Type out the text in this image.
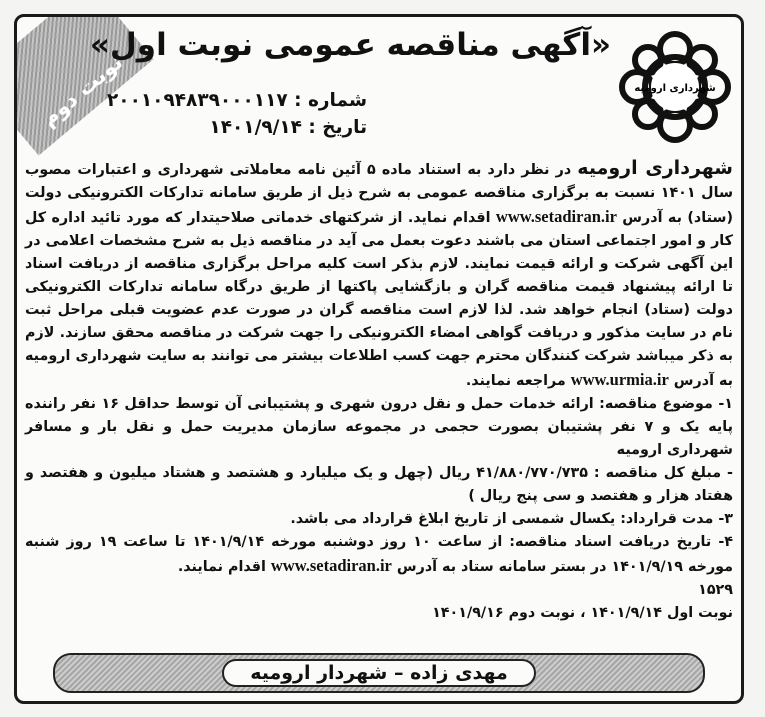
نوبت دوم
«آگهی مناقصه عمومی نوبت اول»
شهرداری ارومیه
شماره : ۲۰۰۱۰۹۴۸۳۹۰۰۰۱۱۷
تاریخ : ۱۴۰۱/۹/۱۴

شهرداری ارومیه در نظر دارد به استناد ماده ۵ آئین نامه معاملاتی شهرداری و اعتبارات مصوب سال ۱۴۰۱ نسبت به برگزاری مناقصه عمومی به شرح ذیل از طریق سامانه تدارکات الکترونیکی دولت (ستاد) به آدرس www.setadiran.ir اقدام نماید. از شرکتهای خدماتی صلاحیتدار که مورد تائید اداره کل کار و امور اجتماعی استان می باشند دعوت بعمل می آید در مناقصه ذیل به شرح مشخصات اعلامی در این آگهی شرکت و ارائه قیمت نمایند. لازم بذکر است کلیه مراحل برگزاری مناقصه از دریافت اسناد تا ارائه پیشنهاد قیمت مناقصه گران و بازگشایی پاکتها از طریق درگاه سامانه تدارکات الکترونیکی دولت (ستاد) انجام خواهد شد. لذا لازم است مناقصه گران در صورت عدم عضویت قبلی مراحل ثبت نام در سایت مذکور و دریافت گواهی امضاء الکترونیکی را جهت شرکت در مناقصه محقق سازند. لازم به ذکر میباشد شرکت کنندگان محترم جهت کسب اطلاعات بیشتر می توانند به سایت شهرداری ارومیه به آدرس www.urmia.ir مراجعه نمایند.

۱- موضوع مناقصه: ارائه خدمات حمل و نقل درون شهری و پشتیبانی آن توسط حداقل ۱۶ نفر راننده پایه یک و ۷ نفر پشتیبان بصورت حجمی در مجموعه سازمان مدیریت حمل و نقل بار و مسافر شهرداری ارومیه

- مبلغ کل مناقصه : ۴۱/۸۸۰/۷۷۰/۷۳۵ ریال (چهل و یک میلیارد و هشتصد و هشتاد میلیون و هفتصد و هفتاد هزار و هفتصد و سی پنج ریال )

۳- مدت قرارداد: یکسال شمسی از تاریخ ابلاغ قرارداد می باشد.

۴- تاریخ دریافت اسناد مناقصه: از ساعت ۱۰ روز دوشنبه مورخه ۱۴۰۱/۹/۱۴ تا ساعت ۱۹ روز شنبه مورخه ۱۴۰۱/۹/۱۹ در بستر سامانه ستاد به آدرس www.setadiran.ir اقدام نمایند.

۱۵۲۹

نوبت اول ۱۴۰۱/۹/۱۴ ، نوبت دوم ۱۴۰۱/۹/۱۶

مهدی زاده – شهردار ارومیه
